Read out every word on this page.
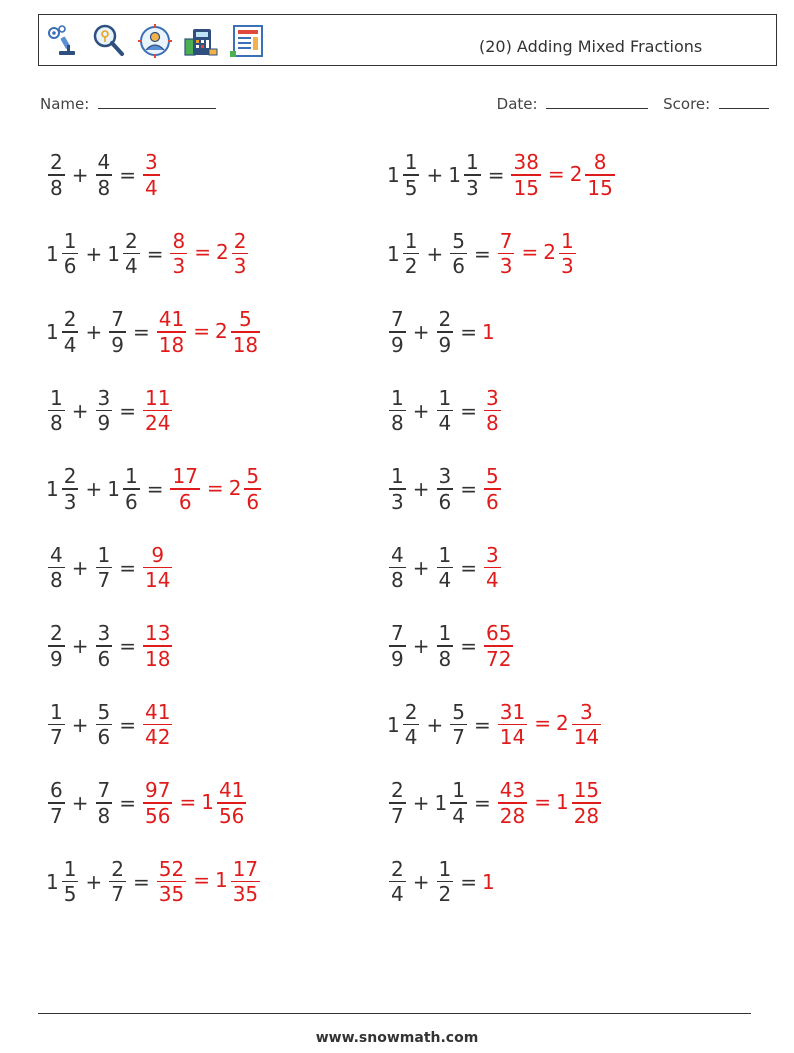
(20) Adding Mixed Fractions
Name:	Date:	Score:
$\frac{2}{8} + \frac{4}{8} = \frac{3}{4}$	$1 \frac{1}{5} + 1 \frac{1}{3} = \frac{38}{15} = 2 \frac{8}{15}$
$1 \frac{1}{6} + 1 \frac{2}{4} = \frac{8}{3} = 2 \frac{2}{3}$	$1 \frac{1}{2} + \frac{5}{6} = \frac{7}{3} = 2 \frac{1}{3}$
$1 \frac{2}{4} + \frac{7}{9} = \frac{41}{18} = 2 \frac{5}{18}$	$\frac{7}{9} + \frac{2}{9} = 1$
$\frac{1}{8} + \frac{3}{9} = \frac{11}{24}$	$\frac{1}{8} + \frac{1}{4} = \frac{3}{8}$
$1 \frac{2}{3} + 1 \frac{1}{6} = \frac{17}{6} = 2 \frac{5}{6}$	$\frac{1}{3} + \frac{3}{6} = \frac{5}{6}$
$\frac{4}{8} + \frac{1}{7} = \frac{9}{14}$	$\frac{4}{8} + \frac{1}{4} = \frac{3}{4}$
$\frac{2}{9} + \frac{3}{6} = \frac{13}{18}$	$\frac{7}{9} + \frac{1}{8} = \frac{65}{72}$
$\frac{1}{7} + \frac{5}{6} = \frac{41}{42}$	$1 \frac{2}{4} + \frac{5}{7} = \frac{31}{14} = 2 \frac{3}{14}$
$\frac{6}{7} + \frac{7}{8} = \frac{97}{56} = 1 \frac{41}{56}$	$\frac{2}{7} + 1 \frac{1}{4} = \frac{43}{28} = 1 \frac{15}{28}$
$1 \frac{1}{5} + \frac{2}{7} = \frac{52}{35} = 1 \frac{17}{35}$	$\frac{2}{4} + \frac{1}{2} = 1$
www.snowmath.com
